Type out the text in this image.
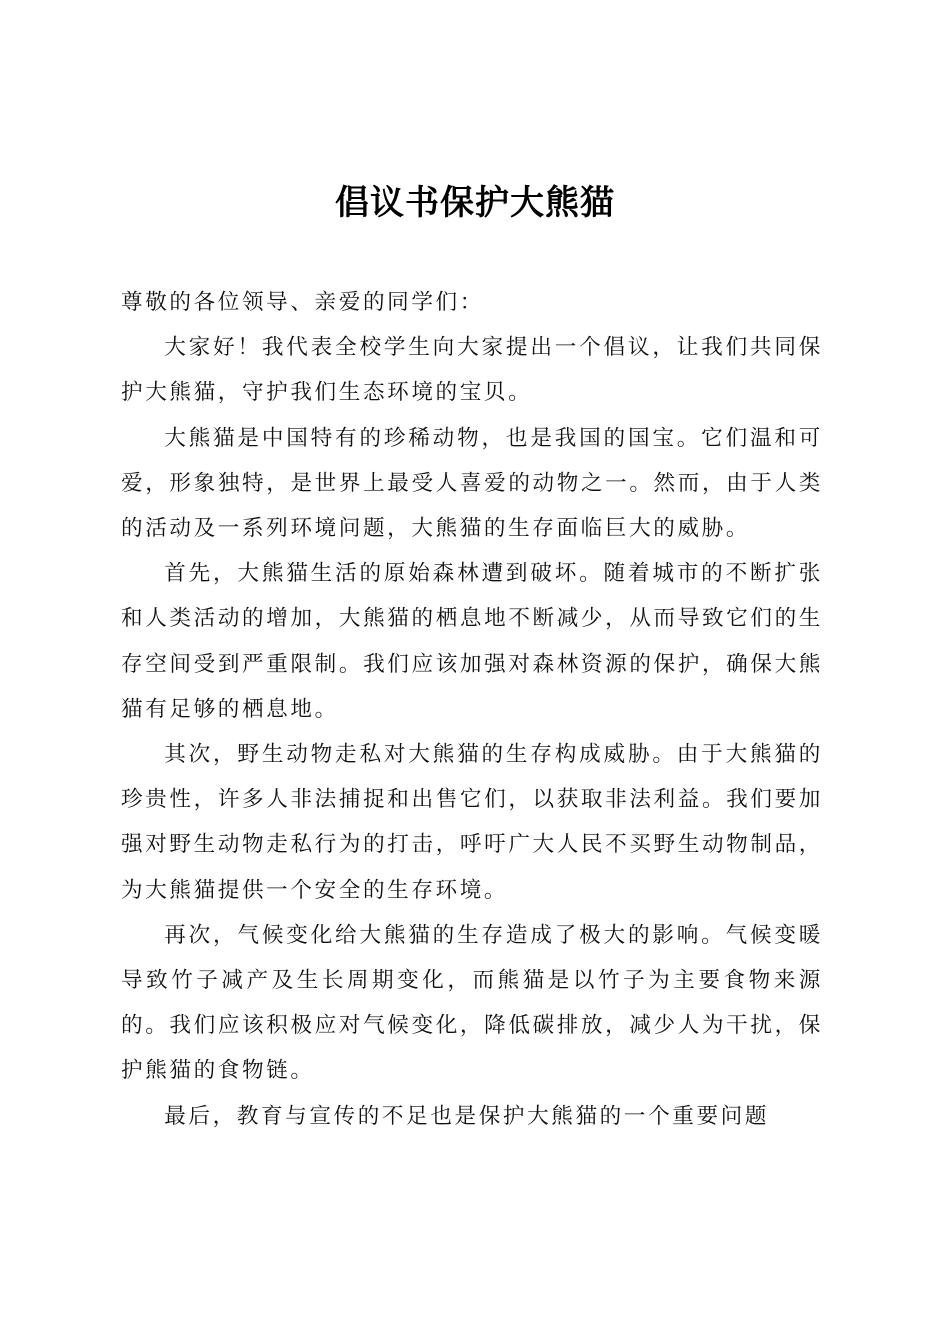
倡议书保护大熊猫

尊敬的各位领导、亲爱的同学们：

大家好！我代表全校学生向大家提出一个倡议，让我们共同保护大熊猫，守护我们生态环境的宝贝。

大熊猫是中国特有的珍稀动物，也是我国的国宝。它们温和可爱，形象独特，是世界上最受人喜爱的动物之一。然而，由于人类的活动及一系列环境问题，大熊猫的生存面临巨大的威胁。

首先，大熊猫生活的原始森林遭到破坏。随着城市的不断扩张和人类活动的增加，大熊猫的栖息地不断减少，从而导致它们的生存空间受到严重限制。我们应该加强对森林资源的保护，确保大熊猫有足够的栖息地。

其次，野生动物走私对大熊猫的生存构成威胁。由于大熊猫的珍贵性，许多人非法捕捉和出售它们，以获取非法利益。我们要加强对野生动物走私行为的打击，呼吁广大人民不买野生动物制品，为大熊猫提供一个安全的生存环境。

再次，气候变化给大熊猫的生存造成了极大的影响。气候变暖导致竹子减产及生长周期变化，而熊猫是以竹子为主要食物来源的。我们应该积极应对气候变化，降低碳排放，减少人为干扰，保护熊猫的食物链。

最后，教育与宣传的不足也是保护大熊猫的一个重要问题
